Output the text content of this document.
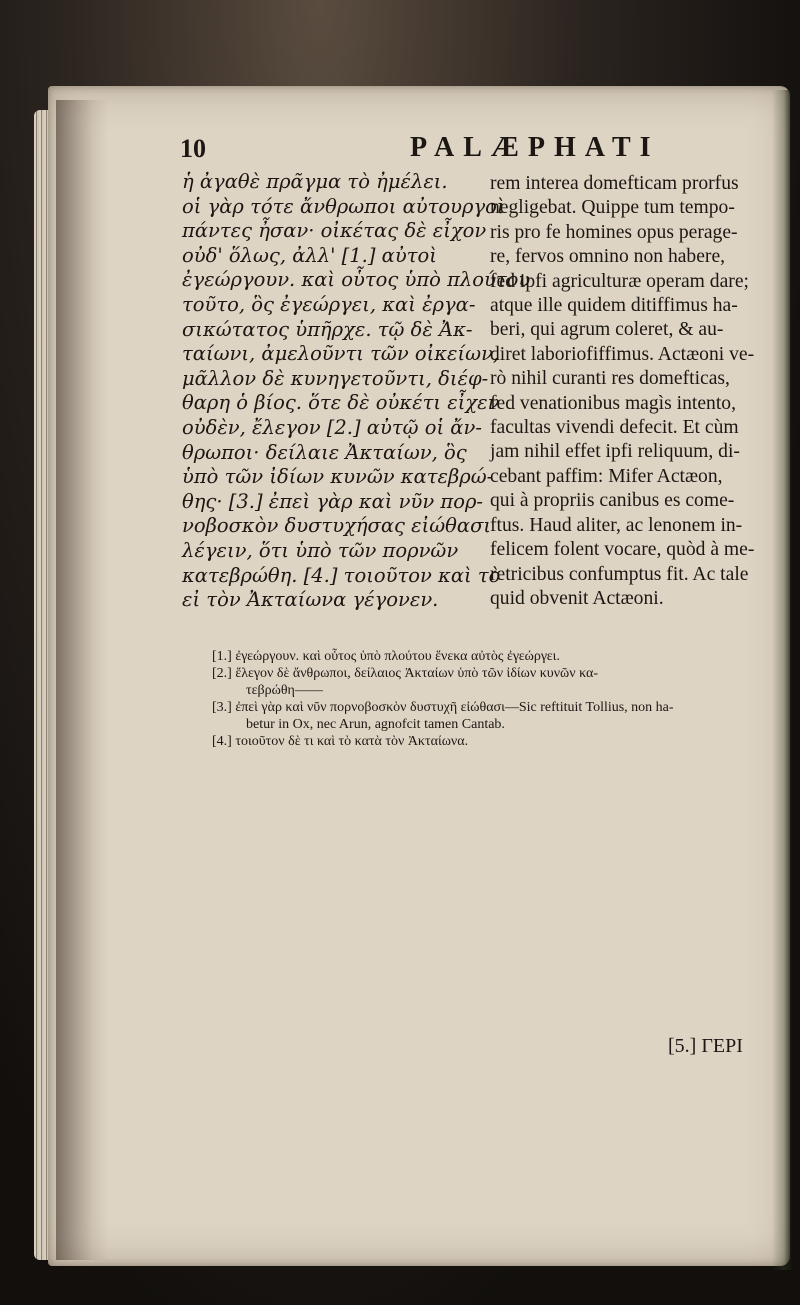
10	PALÆPHATI
ἡ ἀγαθὲ πρᾶγμα τὸ ἠμέλει.
οἱ γὰρ τότε ἄνθρωποι αὐτουργοὶ
πάντες ἦσαν· οἰκέτας δὲ εἶχον
οὐδ' ὅλως, ἀλλ' [1.] αὐτοὶ
ἐγεώργουν. καὶ οὗτος ὑπὸ πλούτου
τοῦτο, ὃς ἐγεώργει, καὶ ἐργα-
σικώτατος ὑπῆρχε. τῷ δὲ Ἀκ-
ταίωνι, ἀμελοῦντι τῶν οἰκείων,
μᾶλλον δὲ κυνηγετοῦντι, διέφ-
θαρη ὁ βίος. ὅτε δὲ οὐκέτι εἶχεν
οὐδὲν, ἔλεγον [2.] αὐτῷ οἱ ἄν-
θρωποι· δείλαιε Ἀκταίων, ὃς
ὑπὸ τῶν ἰδίων κυνῶν κατεβρώ-
θης· [3.] ἐπεὶ γὰρ καὶ νῦν πορ-
νοβοσκὸν δυστυχήσας εἰώθασι
λέγειν, ὅτι ὑπὸ τῶν πορνῶν
κατεβρώθη. [4.] τοιοῦτον καὶ τὸ
εἰ τὸν Ἀκταίωνα γέγονεν.
rem interea domefticam prorfus
negligebat. Quippe tum tempo-
ris pro fe homines opus perage-
re, fervos omnino non habere,
fed ipfi agriculturæ operam dare;
atque ille quidem ditiffimus ha-
beri, qui agrum coleret, & au-
diret laboriofiffimus. Actæoni ve-
rò nihil curanti res domefticas,
fed venationibus magìs intento,
facultas vivendi defecit. Et cùm
jam nihil effet ipfi reliquum, di-
cebant paffim: Mifer Actæon,
qui à propriis canibus es come-
ftus. Haud aliter, ac lenonem in-
felicem folent vocare, quòd à me-
retricibus confumptus fit. Ac tale
quid obvenit Actæoni.
[1.] ἐγεώργουν. καὶ οὗτος ὑπὸ πλούτου ἕνεκα αὐτὸς ἐγεώργει.
[2.] ἔλεγον δὲ ἄνθρωποι, δείλαιος Ἀκταίων ὑπὸ τῶν ἰδίων κυνῶν κα-
τεβρώθη——
[3.] ἐπεὶ γὰρ καὶ νῦν πορνοβοσκὸν δυστυχῆ εἰώθασι—Sic reftituit Tollius, non ha-
betur in Ox, nec Arun, agnofcit tamen Cantab.
[4.] τοιοῦτον δὲ τι καὶ τὸ κατὰ τὸν Ἀκταίωνα.
[5.] ΓΕΡΙ
